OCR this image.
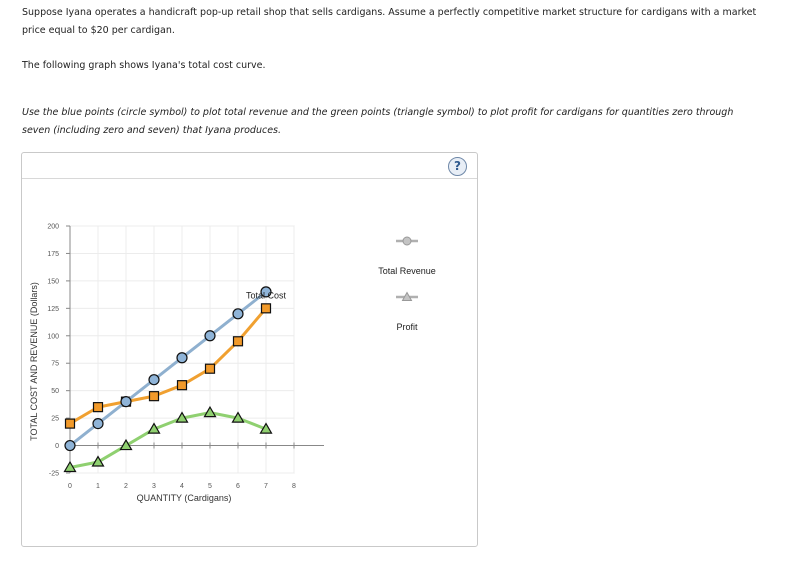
Suppose Iyana operates a handicraft pop-up retail shop that sells cardigans. Assume a perfectly competitive market structure for cardigans with a market price equal to $20 per cardigan.

The following graph shows Iyana's total cost curve.

Use the blue points (circle symbol) to plot total revenue and the green points (triangle symbol) to plot profit for cardigans for quantities zero through seven (including zero and seven) that Iyana produces.

?
-25
0
25
50
75
100
125
150
175
200
0	1	2	3	4	5	6	7	8
QUANTITY (Cardigans)
TOTAL COST AND REVENUE (Dollars)	Total Cost
Total Revenue
Profit
